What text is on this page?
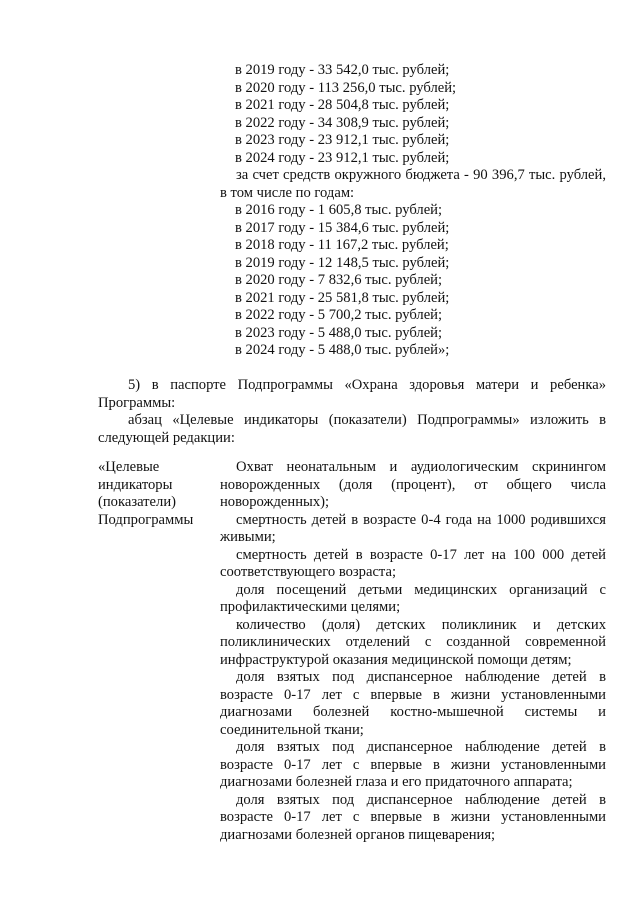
в 2019 году - 33 542,0 тыс. рублей;
в 2020 году - 113 256,0 тыс. рублей;
в 2021 году - 28 504,8 тыс. рублей;
в 2022 году - 34 308,9 тыс. рублей;
в 2023 году - 23 912,1 тыс. рублей;
в 2024 году - 23 912,1 тыс. рублей;

за счет средств окружного бюджета - 90 396,7 тыс. рублей, в том числе по годам:

в 2016 году - 1 605,8 тыс. рублей;
в 2017 году - 15 384,6 тыс. рублей;
в 2018 году - 11 167,2 тыс. рублей;
в 2019 году - 12 148,5 тыс. рублей;
в 2020 году - 7 832,6 тыс. рублей;
в 2021 году - 25 581,8 тыс. рублей;
в 2022 году - 5 700,2 тыс. рублей;
в 2023 году - 5 488,0 тыс. рублей;
в 2024 году - 5 488,0 тыс. рублей»;

5) в паспорте Подпрограммы «Охрана здоровья матери и ребенка» Программы:

абзац «Целевые индикаторы (показатели) Подпрограммы» изложить в следующей редакции:

«Целевые
индикаторы
(показатели)
Подпрограммы

Охват неонатальным и аудиологическим скринингом новорожденных (доля (процент), от общего числа новорожденных);

смертность детей в возрасте 0-4 года на 1000 родившихся живыми;

смертность детей в возрасте 0-17 лет на 100 000 детей соответствующего возраста;

доля посещений детьми медицинских организаций с профилактическими целями;

количество (доля) детских поликлиник и детских поликлинических отделений с созданной современной инфраструктурой оказания медицинской помощи детям;

доля взятых под диспансерное наблюдение детей в возрасте 0-17 лет с впервые в жизни установленными диагнозами болезней костно-мышечной системы и соединительной ткани;

доля взятых под диспансерное наблюдение детей в возрасте 0-17 лет с впервые в жизни установленными диагнозами болезней глаза и его придаточного аппарата;

доля взятых под диспансерное наблюдение детей в возрасте 0-17 лет с впервые в жизни установленными диагнозами болезней органов пищеварения;
